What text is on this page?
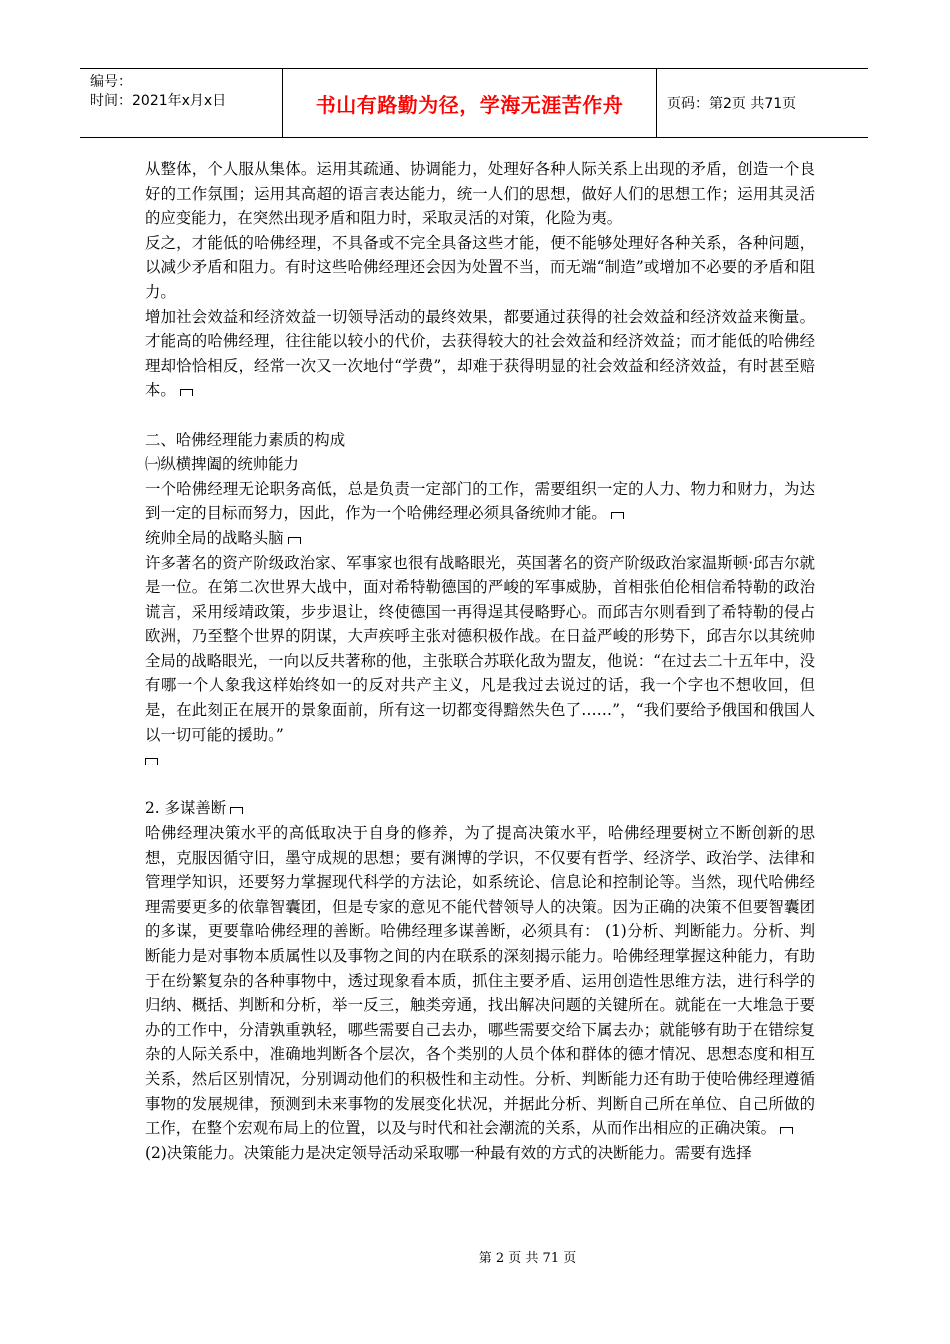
编号：
时间：2021年x月x日	书山有路勤为径，学海无涯苦作舟	页码：第2页 共71页

从整体，个人服从集体。运用其疏通、协调能力，处理好各种人际关系上出现的矛盾，创造一个良好的工作氛围；运用其高超的语言表达能力，统一人们的思想，做好人们的思想工作；运用其灵活的应变能力，在突然出现矛盾和阻力时，采取灵活的对策，化险为夷。

反之，才能低的哈佛经理，不具备或不完全具备这些才能，便不能够处理好各种关系，各种问题，以减少矛盾和阻力。有时这些哈佛经理还会因为处置不当，而无端“制造”或增加不必要的矛盾和阻力。

增加社会效益和经济效益一切领导活动的最终效果，都要通过获得的社会效益和经济效益来衡量。才能高的哈佛经理，往往能以较小的代价，去获得较大的社会效益和经济效益；而才能低的哈佛经理却恰恰相反，经常一次又一次地付“学费”，却难于获得明显的社会效益和经济效益，有时甚至赔本。

二、哈佛经理能力素质的构成

㈠纵横捭阖的统帅能力

一个哈佛经理无论职务高低，总是负责一定部门的工作，需要组织一定的人力、物力和财力，为达到一定的目标而努力，因此，作为一个哈佛经理必须具备统帅才能。

统帅全局的战略头脑

许多著名的资产阶级政治家、军事家也很有战略眼光，英国著名的资产阶级政治家温斯顿·邱吉尔就是一位。在第二次世界大战中，面对希特勒德国的严峻的军事威胁，首相张伯伦相信希特勒的政治谎言，采用绥靖政策，步步退让，终使德国一再得逞其侵略野心。而邱吉尔则看到了希特勒的侵占欧洲，乃至整个世界的阴谋，大声疾呼主张对德积极作战。在日益严峻的形势下，邱吉尔以其统帅全局的战略眼光，一向以反共著称的他，主张联合苏联化敌为盟友，他说：“在过去二十五年中，没有哪一个人象我这样始终如一的反对共产主义，凡是我过去说过的话，我一个字也不想收回，但是，在此刻正在展开的景象面前，所有这一切都变得黯然失色了……”，“我们要给予俄国和俄国人以一切可能的援助。”

2. 多谋善断

哈佛经理决策水平的高低取决于自身的修养，为了提高决策水平，哈佛经理要树立不断创新的思想，克服因循守旧，墨守成规的思想；要有渊博的学识，不仅要有哲学、经济学、政治学、法律和管理学知识，还要努力掌握现代科学的方法论，如系统论、信息论和控制论等。当然，现代哈佛经理需要更多的依靠智囊团，但是专家的意见不能代替领导人的决策。因为正确的决策不但要智囊团的多谋，更要靠哈佛经理的善断。哈佛经理多谋善断，必须具有： (1)分析、判断能力。分析、判断能力是对事物本质属性以及事物之间的内在联系的深刻揭示能力。哈佛经理掌握这种能力，有助于在纷繁复杂的各种事物中，透过现象看本质，抓住主要矛盾、运用创造性思维方法，进行科学的归纳、概括、判断和分析，举一反三，触类旁通，找出解决问题的关键所在。就能在一大堆急于要办的工作中，分清孰重孰轻，哪些需要自己去办，哪些需要交给下属去办；就能够有助于在错综复杂的人际关系中，准确地判断各个层次，各个类别的人员个体和群体的德才情况、思想态度和相互关系，然后区别情况，分别调动他们的积极性和主动性。分析、判断能力还有助于使哈佛经理遵循事物的发展规律，预测到未来事物的发展变化状况，并据此分析、判断自己所在单位、自己所做的工作，在整个宏观布局上的位置，以及与时代和社会潮流的关系，从而作出相应的正确决策。

(2)决策能力。决策能力是决定领导活动采取哪一种最有效的方式的决断能力。需要有选择

第 2 页 共 71 页
